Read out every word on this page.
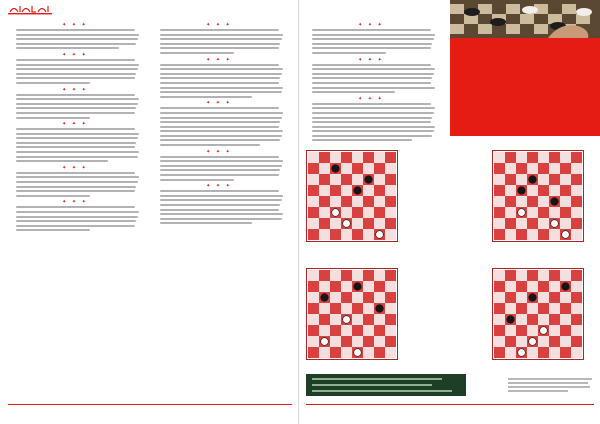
✦ ✦ ✦
✦ ✦ ✦
✦ ✦ ✦
✦ ✦ ✦
✦ ✦ ✦
✦ ✦ ✦
✦ ✦ ✦
✦ ✦ ✦
✦ ✦ ✦
✦ ✦ ✦
✦ ✦ ✦
✦ ✦ ✦
✦ ✦ ✦
✦ ✦ ✦
